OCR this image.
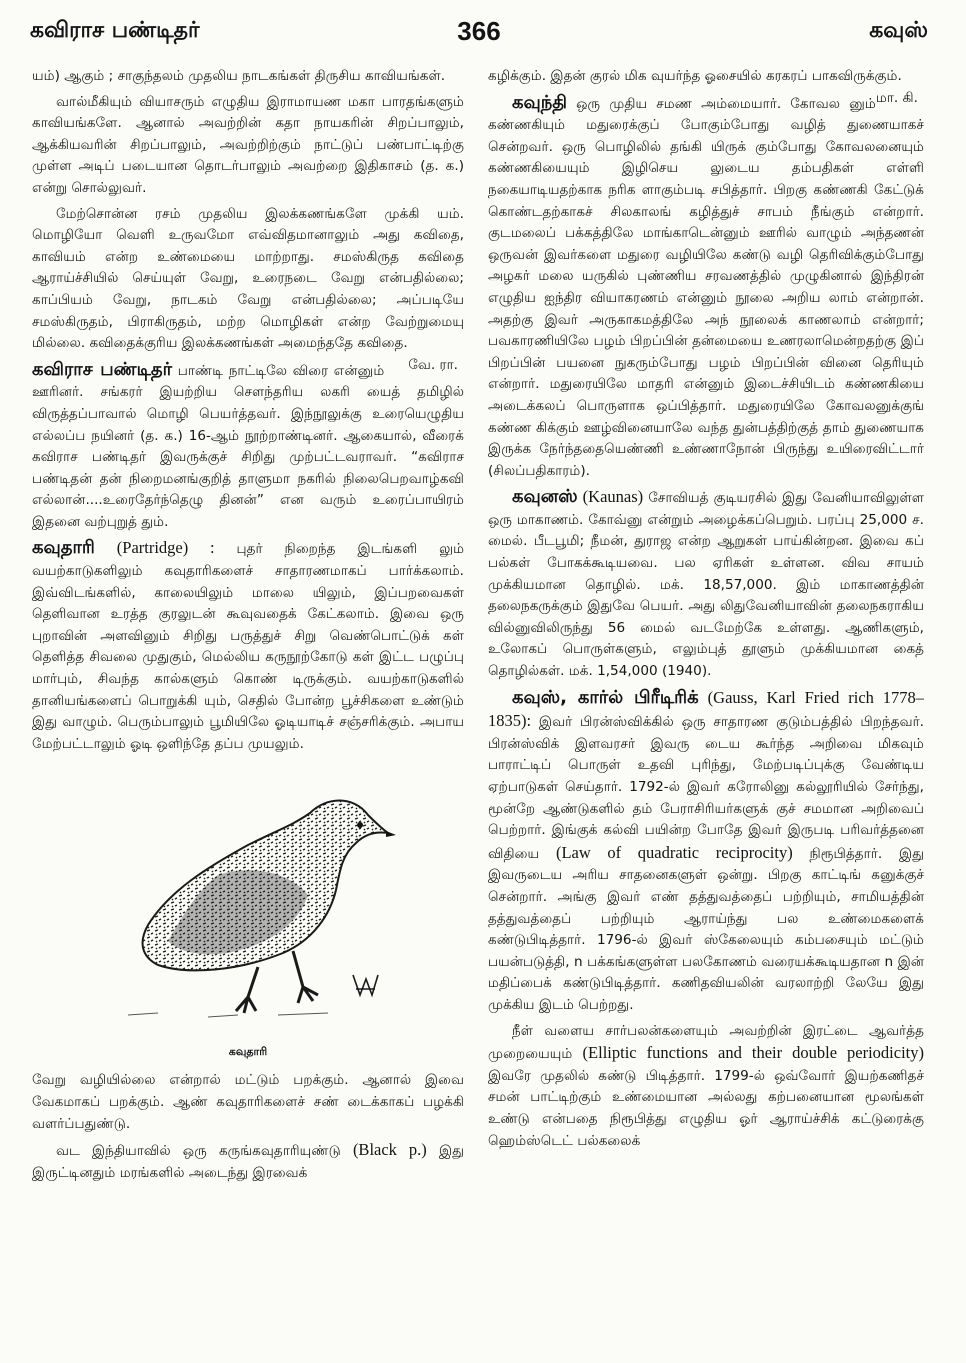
கவிராச பண்டிதர்	366	கவுஸ்

யம்) ஆகும் ; சாகுந்தலம் முதலிய நாடகங்கள் திருசிய காவியங்கள்.

வால்மீகியும் வியாசரும் எழுதிய இராமாயண மகா பாரதங்களும் காவியங்களே. ஆனால் அவற்றின் கதா நாயகரின் சிறப்பாலும், ஆக்கியவரின் சிறப்பாலும், அவற்றிற்கும் நாட்டுப் பண்பாட்டிற்கு முள்ள அடிப் படையான தொடர்பாலும் அவற்றை இதிகாசம் (த. க.) என்று சொல்லுவர்.

மேற்சொன்ன ரசம் முதலிய இலக்கணங்களே முக்கி யம். மொழியோ வெளி உருவமோ எவ்விதமானாலும் அது கவிதை, காவியம் என்ற உண்மையை மாற்றாது. சமஸ்கிருத கவிதை ஆராய்ச்சியில் செய்யுள் வேறு, உரைநடை வேறு என்பதில்லை; காப்பியம் வேறு, நாடகம் வேறு என்பதில்லை; அப்படியே சமஸ்கிருதம், பிராகிருதம், மற்ற மொழிகள் என்ற வேற்றுமையு மில்லை. கவிதைக்குரிய இலக்கணங்கள் அமைந்ததே கவிதை.
வே. ரா.

கவிராச பண்டிதர் பாண்டி நாட்டிலே விரை என்னும் ஊரினர். சங்கரர் இயற்றிய சௌந்தரிய லகரி யைத் தமிழில் விருத்தப்பாவால் மொழி பெயர்த்தவர். இந்நூலுக்கு உரையெழுதிய எல்லப்ப நயினர் (த. க.) 16-ஆம் நூற்றாண்டினர். ஆகையால், வீரைக் கவிராச பண்டிதர் இவருக்குச் சிறிது முற்பட்டவராவர். “கவிராச பண்டிதன் தன் நிறைமனங்குறித் தாளுமா நகரில் நிலைபெறவாழ்கவி எல்லான்....உரைதேர்ந்தெழு தினன்” என வரும் உரைப்பாயிரம் இதனை வற்புறுத் தும்.

கவுதாரி (Partridge) : புதர் நிறைந்த இடங்களி லும் வயற்காடுகளிலும் கவுதாரிகளைச் சாதாரணமாகப் பார்க்கலாம். இவ்விடங்களில், காலையிலும் மாலை யிலும், இப்பறவைகள் தெளிவான உரத்த குரலுடன் கூவுவதைக் கேட்கலாம். இவை ஒரு புறாவின் அளவினும் சிறிது பருத்துச் சிறு வெண்பொட்டுக் கள் தெளித்த சிவலை முதுகும், மெல்லிய கருநூற்கோடு கள் இட்ட பழுப்பு மார்பும், சிவந்த கால்களும் கொண் டிருக்கும். வயற்காடுகளில் தானியங்களைப் பொறுக்கி யும், செதில் போன்ற பூச்சிகளை உண்டும் இது வாழும். பெரும்பாலும் பூமியிலே ஓடியாடிச் சஞ்சரிக்கும். அபாய மேற்பட்டாலும் ஓடி ஒளிந்தே தப்ப முயலும்.

கவுதாரி

வேறு வழியில்லை என்றால் மட்டும் பறக்கும். ஆனால் இவை வேகமாகப் பறக்கும். ஆண் கவுதாரிகளைச் சண் டைக்காகப் பழக்கி வளர்ப்பதுண்டு.

வட இந்தியாவில் ஒரு கருங்கவுதாரியுண்டு (Black p.) இது இருட்டினதும் மரங்களில் அடைந்து இரவைக்

கழிக்கும். இதன் குரல் மிக வுயர்ந்த ஓசையில் கரகரப் பாகவிருக்கும்.
மா. கி.

கவுந்தி ஒரு முதிய சமண அம்மையார். கோவல னும் கண்ணகியும் மதுரைக்குப் போகும்போது வழித் துணையாகச் சென்றவர். ஒரு பொழிலில் தங்கி யிருக் கும்போது கோவலனையும் கண்ணகியையும் இழிசெய லுடைய தம்பதிகள் எள்ளி நகையாடியதற்காக நரிக ளாகும்படி சபித்தார். பிறகு கண்ணகி கேட்டுக் கொண்டதற்காகச் சிலகாலங் கழித்துச் சாபம் நீங்கும் என்றார். குடமலைப் பக்கத்திலே மாங்காடென்னும் ஊரில் வாழும் அந்தணன் ஒருவன் இவர்களை மதுரை வழியிலே கண்டு வழி தெரிவிக்கும்போது அழகர் மலை யருகில் புண்ணிய சரவணத்தில் முழுகினால் இந்திரன் எழுதிய ஐந்திர வியாகரணம் என்னும் நூலை அறிய லாம் என்றான். அதற்கு இவர் அருகாகமத்திலே அந் நூலைக் காணலாம் என்றார்; பவகாரணியிலே பழம் பிறப்பின் தன்மையை உணரலாமென்றதற்கு இப் பிறப்பின் பயனை நுகரும்போது பழம் பிறப்பின் வினை தெரியும் என்றார். மதுரையிலே மாதரி என்னும் இடைச்சியிடம் கண்ணகியை அடைக்கலப் பொருளாக ஒப்பித்தார். மதுரையிலே கோவலனுக்குங் கண்ண கிக்கும் ஊழ்வினையாலே வந்த துன்பத்திற்குத் தாம் துணையாக இருக்க நேர்ந்ததையெண்ணி உண்ணாநோன் பிருந்து உயிரைவிட்டார் (சிலப்பதிகாரம்).

கவுனஸ் (Kaunas) சோவியத் குடியரசில் இது வேனியாவிலுள்ள ஒரு மாகாணம். கோவ்னு என்றும் அழைக்கப்பெறும். பரப்பு 25,000 ச. மைல். பீடபூமி; நீமன், துராஜ என்ற ஆறுகள் பாய்கின்றன. இவை கப் பல்கள் போகக்கூடியவை. பல ஏரிகள் உள்ளன. விவ சாயம் முக்கியமான தொழில். மக். 18,57,000. இம் மாகாணத்தின் தலைநகருக்கும் இதுவே பெயர். அது லிதுவேனியாவின் தலைநகராகிய வில்னுவிலிருந்து 56 மைல் வடமேற்கே உள்ளது. ஆணிகளும், உலோகப் பொருள்களும், எலும்புத் தூளும் முக்கியமான கைத் தொழில்கள். மக். 1,54,000 (1940).

கவுஸ், கார்ல் பிரீடிரிக் (Gauss, Karl Fried rich 1778–1835): இவர் பிரன்ஸ்விக்கில் ஒரு சாதாரண குடும்பத்தில் பிறந்தவர். பிரன்ஸ்விக் இளவரசர் இவரு டைய கூர்ந்த அறிவை மிகவும் பாராட்டிப் பொருள் உதவி புரிந்து, மேற்படிப்புக்கு வேண்டிய ஏற்பாடுகள் செய்தார். 1792-ல் இவர் கரோலினு கல்லூரியில் சேர்ந்து, மூன்றே ஆண்டுகளில் தம் பேராசிரியர்களுக் குச் சமமான அறிவைப் பெற்றார். இங்குக் கல்வி பயின்ற போதே இவர் இருபடி பரிவர்த்தனை விதியை (Law of quadratic reciprocity) நிரூபித்தார். இது இவருடைய அரிய சாதனைகளுள் ஒன்று. பிறகு காட்டிங் கனுக்குச் சென்றார். அங்கு இவர் எண் தத்துவத்தைப் பற்றியும், சாமியத்தின் தத்துவத்தைப் பற்றியும் ஆராய்ந்து பல உண்மைகளைக் கண்டுபிடித்தார். 1796-ல் இவர் ஸ்கேலையும் கம்பசையும் மட்டும் பயன்படுத்தி, n பக்கங்களுள்ள பலகோணம் வரையக்கூடியதான n இன் மதிப்பைக் கண்டுபிடித்தார். கணிதவியலின் வரலாற்றி லேயே இது முக்கிய இடம் பெற்றது.

நீள் வளைய சார்பலன்களையும் அவற்றின் இரட்டை ஆவர்த்த முறையையும் (Elliptic functions and their double periodicity) இவரே முதலில் கண்டு பிடித்தார். 1799-ல் ஒவ்வோர் இயற்கணிதச் சமன் பாட்டிற்கும் உண்மையான அல்லது கற்பனையான மூலங்கள் உண்டு என்பதை நிரூபித்து எழுதிய ஓர் ஆராய்ச்சிக் கட்டுரைக்கு ஹெம்ஸ்டெட் பல்கலைக்
